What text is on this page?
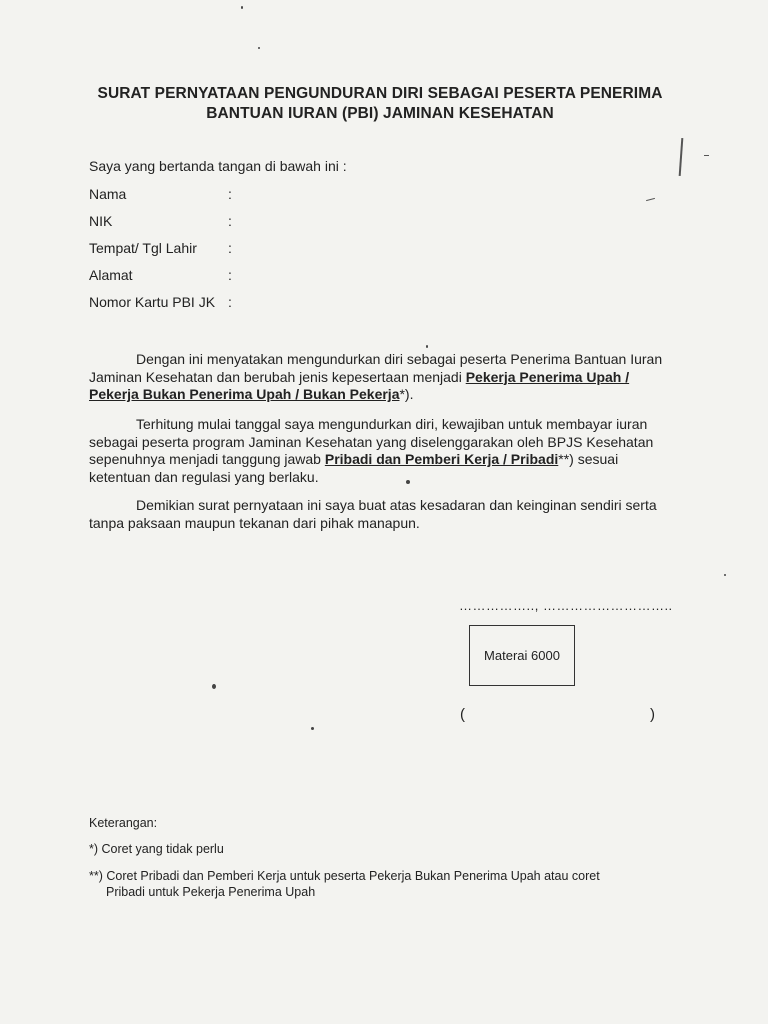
SURAT PERNYATAAN PENGUNDURAN DIRI SEBAGAI PESERTA PENERIMA
BANTUAN IURAN (PBI) JAMINAN KESEHATAN
Saya yang bertanda tangan di bawah ini :
Nama	:
NIK	:
Tempat/ Tgl Lahir :
Alamat	:
Nomor Kartu PBI JK :
Dengan ini menyatakan mengundurkan diri sebagai peserta Penerima Bantuan Iuran
Jaminan Kesehatan dan berubah jenis kepesertaan menjadi Pekerja Penerima Upah /
Pekerja Bukan Penerima Upah / Bukan Pekerja*).
Terhitung mulai tanggal saya mengundurkan diri, kewajiban untuk membayar iuran
sebagai peserta program Jaminan Kesehatan yang diselenggarakan oleh BPJS Kesehatan
sepenuhnya menjadi tanggung jawab Pribadi dan Pemberi Kerja / Pribadi**) sesuai
ketentuan dan regulasi yang berlaku.
Demikian surat pernyataan ini saya buat atas kesadaran dan keinginan sendiri serta
tanpa paksaan maupun tekanan dari pihak manapun.
…………….., ………………………..
Materai 6000
(	)
Keterangan:
*) Coret yang tidak perlu
**) Coret Pribadi dan Pemberi Kerja untuk peserta Pekerja Bukan Penerima Upah atau coret
Pribadi untuk Pekerja Penerima Upah
